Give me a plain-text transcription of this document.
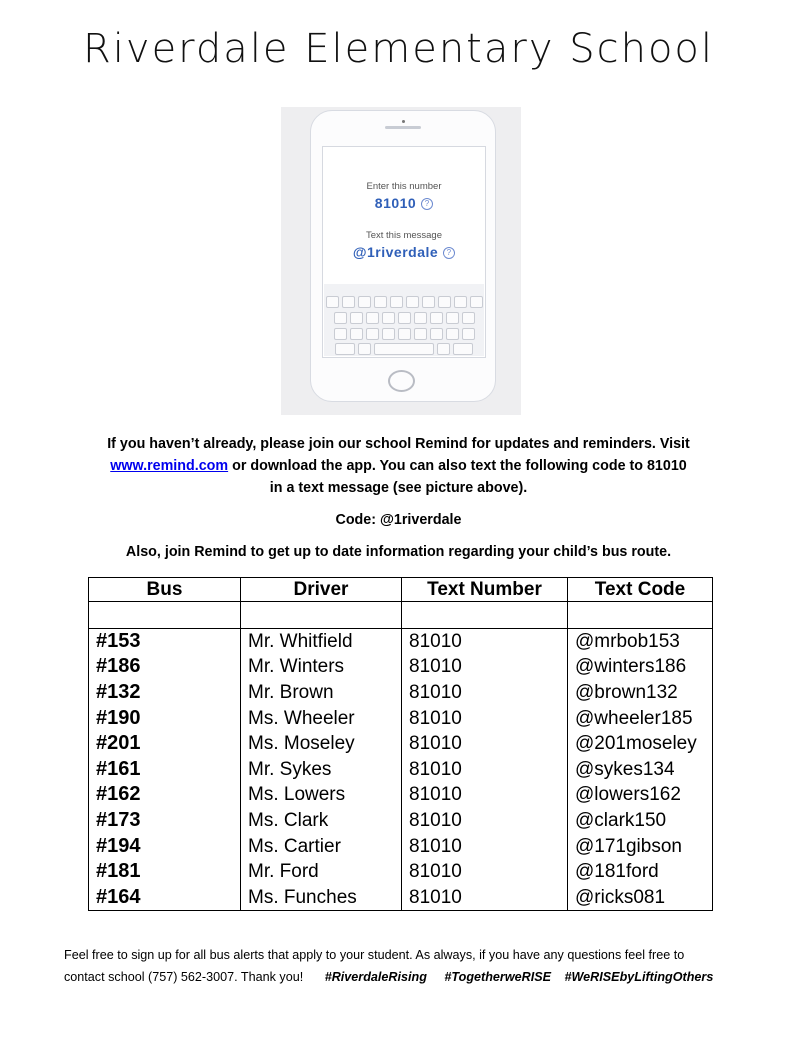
Riverdale Elementary School
Enter this number
81010 ?
Text this message
@1riverdale ?

If you haven’t already, please join our school Remind for updates and reminders. Visit
www.remind.com or download the app. You can also text the following code to 81010
in a text message (see picture above).

Code: @1riverdale

Also, join Remind to get up to date information regarding your child’s bus route.

Bus	Driver	Text Number	Text Code

#153	Mr. Whitfield	81010	@mrbob153
#186	Mr. Winters	81010	@winters186
#132	Mr. Brown	81010	@brown132
#190	Ms. Wheeler	81010	@wheeler185
#201	Ms. Moseley	81010	@201moseley
#161	Mr. Sykes	81010	@sykes134
#162	Ms. Lowers	81010	@lowers162
#173	Ms. Clark	81010	@clark150
#194	Ms. Cartier	81010	@171gibson
#181	Mr. Ford	81010	@181ford
#164	Ms. Funches	81010	@ricks081

Feel free to sign up for all bus alerts that apply to your student. As always, if you have any questions feel free to
contact school (757) 562-3007. Thank you! #RiverdaleRising #TogetherweRISE #WeRISEbyLiftingOthers
